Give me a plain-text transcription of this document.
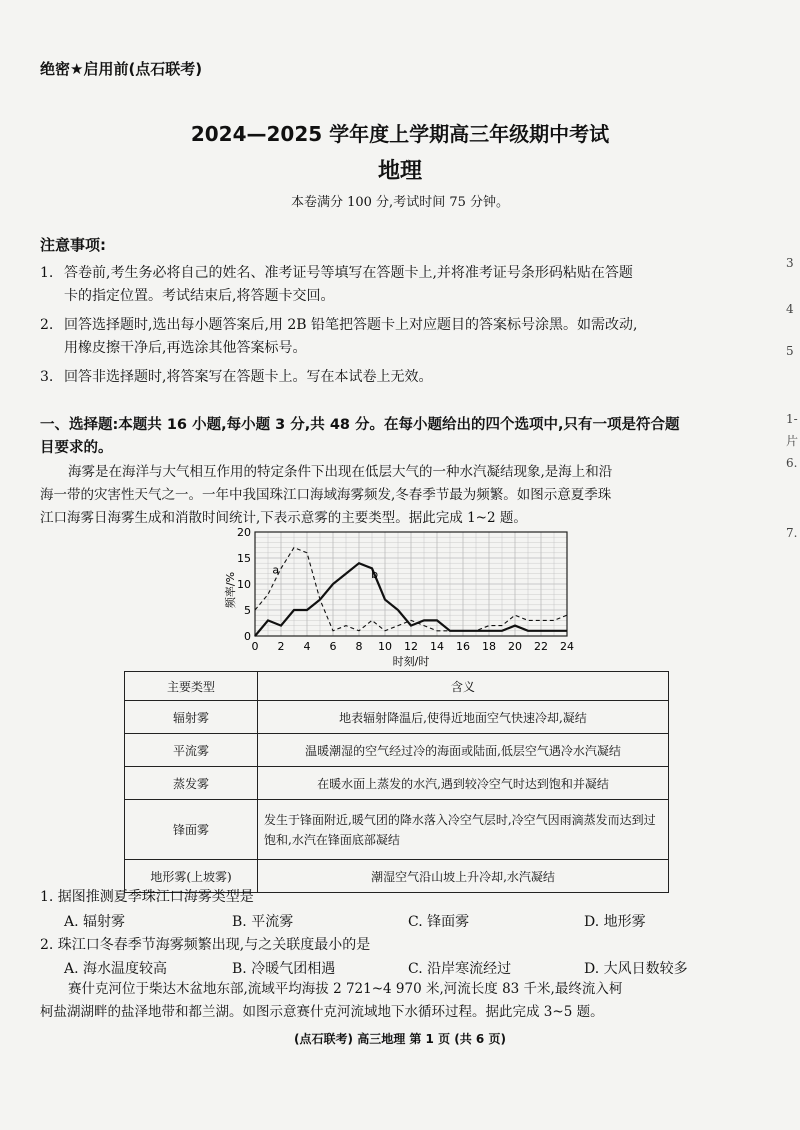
绝密★启用前(点石联考)
2024—2025 学年度上学期高三年级期中考试
地理
本卷满分 100 分,考试时间 75 分钟。
注意事项:
1. 答卷前,考生务必将自己的姓名、准考证号等填写在答题卡上,并将准考证号条形码粘贴在答题
卡的指定位置。考试结束后,将答题卡交回。
2. 回答选择题时,选出每小题答案后,用 2B 铅笔把答题卡上对应题目的答案标号涂黑。如需改动,
用橡皮擦干净后,再选涂其他答案标号。
3. 回答非选择题时,将答案写在答题卡上。写在本试卷上无效。
一、选择题:本题共 16 小题,每小题 3 分,共 48 分。在每小题给出的四个选项中,只有一项是符合题
目要求的。
海雾是在海洋与大气相互作用的特定条件下出现在低层大气的一种水汽凝结现象,是海上和沿
海一带的灾害性天气之一。一年中我国珠江口海域海雾频发,冬春季节最为频繁。如图示意夏季珠
江口海雾日海雾生成和消散时间统计,下表示意雾的主要类型。据此完成 1~2 题。
0
5
10
15
20
0 2 4 6 8 10 12 14 16 18 20 22 24
a	b
频率/%
时刻/时
主要类型	含义
辐射雾	地表辐射降温后,使得近地面空气快速冷却,凝结
平流雾	温暖潮湿的空气经过冷的海面或陆面,低层空气遇冷水汽凝结
蒸发雾	在暖水面上蒸发的水汽,遇到较冷空气时达到饱和并凝结
锋面雾	发生于锋面附近,暖气团的降水落入冷空气层时,冷空气因雨滴蒸发而达到过饱和,水汽在锋面底部凝结
地形雾(上坡雾)	潮湿空气沿山坡上升冷却,水汽凝结
1. 据图推测夏季珠江口海雾类型是
A. 辐射雾	B. 平流雾	C. 锋面雾	D. 地形雾
2. 珠江口冬春季节海雾频繁出现,与之关联度最小的是
A. 海水温度较高	B. 冷暖气团相遇	C. 沿岸寒流经过	D. 大风日数较多
赛什克河位于柴达木盆地东部,流域平均海拔 2 721~4 970 米,河流长度 83 千米,最终流入柯
柯盐湖湖畔的盐泽地带和都兰湖。如图示意赛什克河流域地下水循环过程。据此完成 3~5 题。
(点石联考) 高三地理 第 1 页 (共 6 页)
3
4
5
1-
片
6.
7.
